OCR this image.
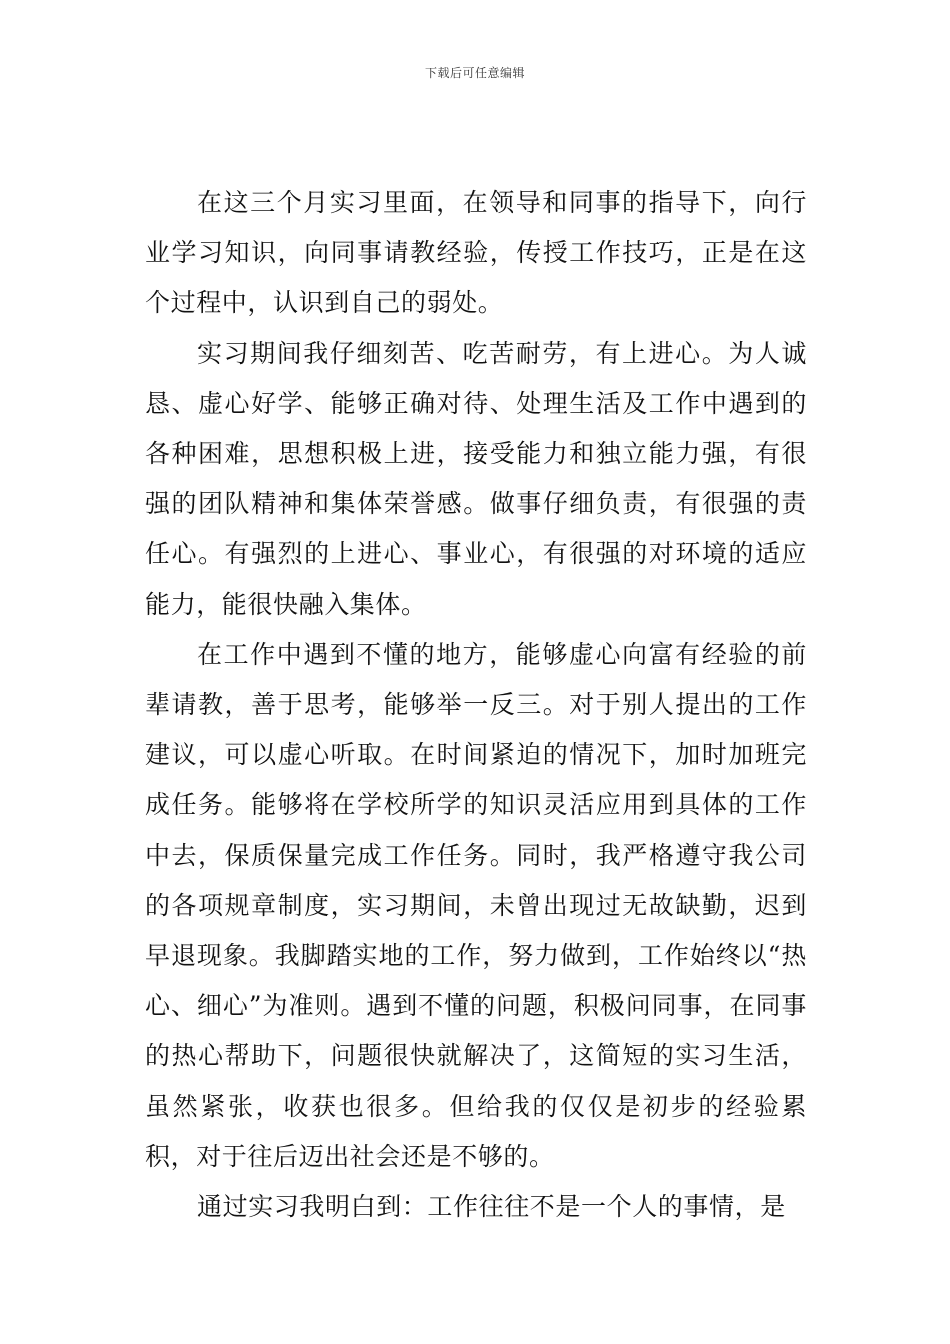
下载后可任意编辑

在这三个月实习里面，在领导和同事的指导下，向行业学习知识，向同事请教经验，传授工作技巧，正是在这个过程中，认识到自己的弱处。

实习期间我仔细刻苦、吃苦耐劳，有上进心。为人诚恳、虚心好学、能够正确对待、处理生活及工作中遇到的各种困难，思想积极上进，接受能力和独立能力强，有很强的团队精神和集体荣誉感。做事仔细负责，有很强的责任心。有强烈的上进心、事业心，有很强的对环境的适应能力，能很快融入集体。

在工作中遇到不懂的地方，能够虚心向富有经验的前辈请教，善于思考，能够举一反三。对于别人提出的工作建议，可以虚心听取。在时间紧迫的情况下，加时加班完成任务。能够将在学校所学的知识灵活应用到具体的工作中去，保质保量完成工作任务。同时，我严格遵守我公司的各项规章制度，实习期间，未曾出现过无故缺勤，迟到早退现象。我脚踏实地的工作，努力做到，工作始终以“热心、细心”为准则。遇到不懂的问题，积极问同事，在同事的热心帮助下，问题很快就解决了，这简短的实习生活，虽然紧张，收获也很多。但给我的仅仅是初步的经验累积，对于往后迈出社会还是不够的。

通过实习我明白到：工作往往不是一个人的事情，是
